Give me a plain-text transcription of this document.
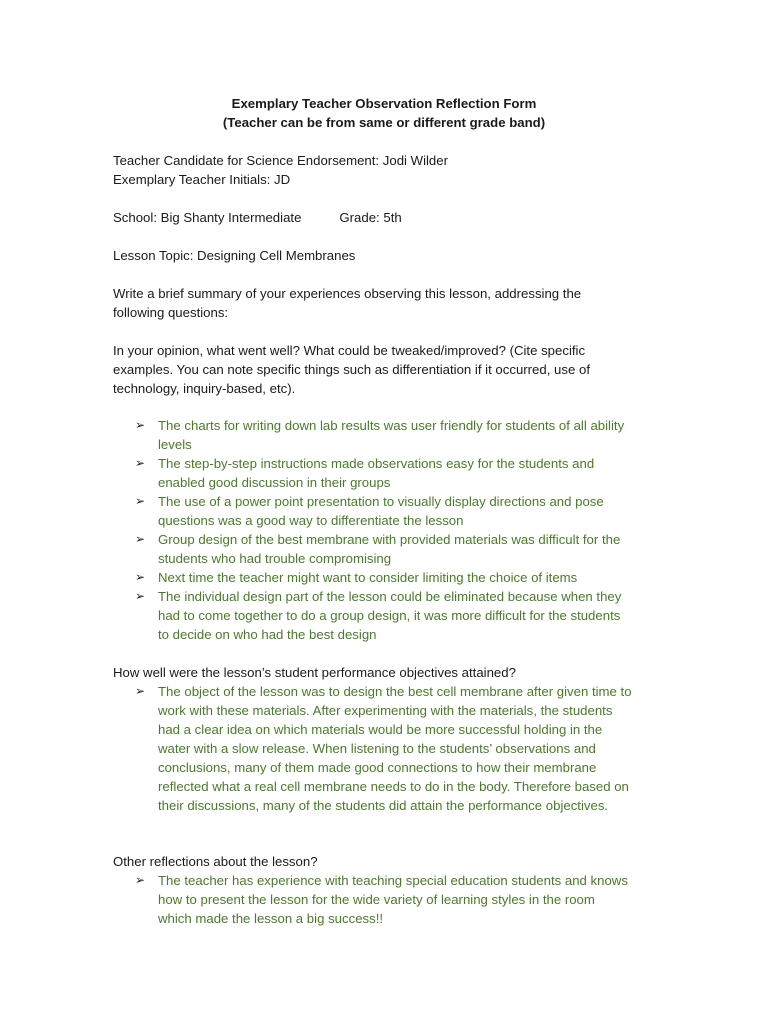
Exemplary Teacher Observation Reflection Form
(Teacher can be from same or different grade band)
Teacher Candidate for Science Endorsement: Jodi Wilder
Exemplary Teacher Initials: JD
School: Big Shanty Intermediate	Grade: 5th
Lesson Topic: Designing Cell Membranes
Write a brief summary of your experiences observing this lesson, addressing the
following questions:
In your opinion, what went well? What could be tweaked/improved? (Cite specific
examples. You can note specific things such as differentiation if it occurred, use of
technology, inquiry-based, etc).
➢ The charts for writing down lab results was user friendly for students of all ability
levels
➢ The step-by-step instructions made observations easy for the students and
enabled good discussion in their groups
➢ The use of a power point presentation to visually display directions and pose
questions was a good way to differentiate the lesson
➢ Group design of the best membrane with provided materials was difficult for the
students who had trouble compromising
➢ Next time the teacher might want to consider limiting the choice of items
➢ The individual design part of the lesson could be eliminated because when they
had to come together to do a group design, it was more difficult for the students
to decide on who had the best design
How well were the lesson’s student performance objectives attained?
➢ The object of the lesson was to design the best cell membrane after given time to
work with these materials. After experimenting with the materials, the students
had a clear idea on which materials would be more successful holding in the
water with a slow release. When listening to the students’ observations and
conclusions, many of them made good connections to how their membrane
reflected what a real cell membrane needs to do in the body. Therefore based on
their discussions, many of the students did attain the performance objectives.
Other reflections about the lesson?
➢ The teacher has experience with teaching special education students and knows
how to present the lesson for the wide variety of learning styles in the room
which made the lesson a big success!!
